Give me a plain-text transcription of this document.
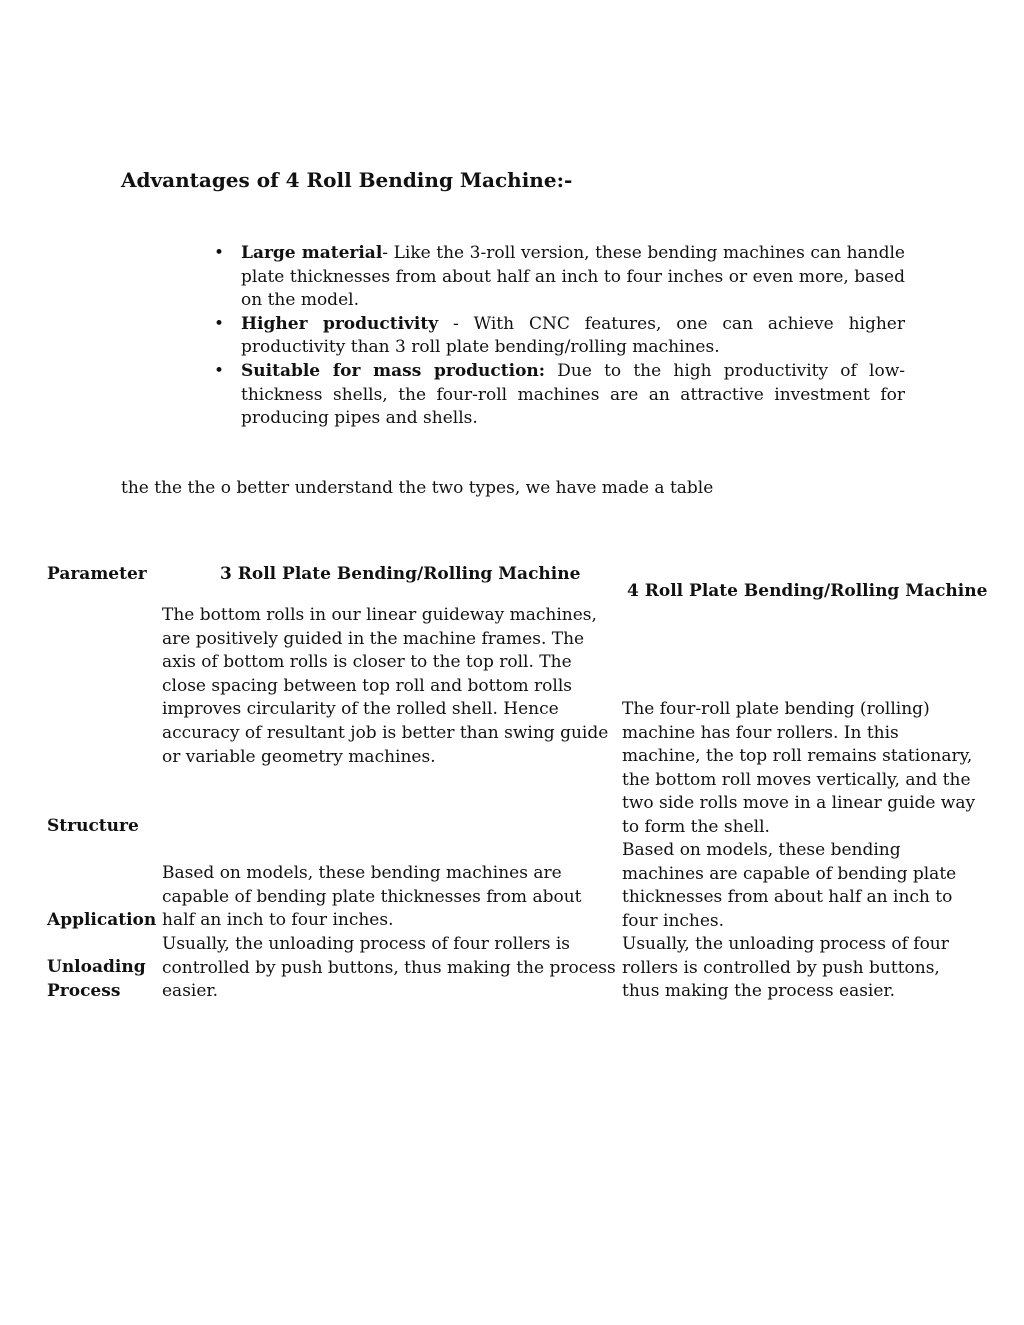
Advantages of 4 Roll Bending Machine:-
• Large material- Like the 3-roll version, these bending machines can handle plate thicknesses from about half an inch to four inches or even more, based on the model.
• Higher productivity - With CNC features, one can achieve higher productivity than 3 roll plate bending/rolling machines.
• Suitable for mass production: Due to the high productivity of low-thickness shells, the four-roll machines are an attractive investment for producing pipes and shells.

the the the o better understand the two types, we have made a table

Parameter	3 Roll Plate Bending/Rolling Machine
4 Roll Plate Bending/Rolling Machine
The bottom rolls in our linear guideway machines, are positively guided in the machine frames. The axis of bottom rolls is closer to the top roll. The close spacing between top roll and bottom rolls improves circularity of the rolled shell. Hence accuracy of resultant job is better than swing guide or variable geometry machines.
The four-roll plate bending (rolling) machine has four rollers. In this machine, the top roll remains stationary, the bottom roll moves vertically, and the two side rolls move in a linear guide way to form the shell.
Structure
Based on models, these bending machines are capable of bending plate thicknesses from about half an inch to four inches.
Based on models, these bending machines are capable of bending plate thicknesses from about half an inch to four inches.
Application
Usually, the unloading process of four rollers is controlled by push buttons, thus making the process easier.
Usually, the unloading process of four rollers is controlled by push buttons, thus making the process easier.
Unloading Process
